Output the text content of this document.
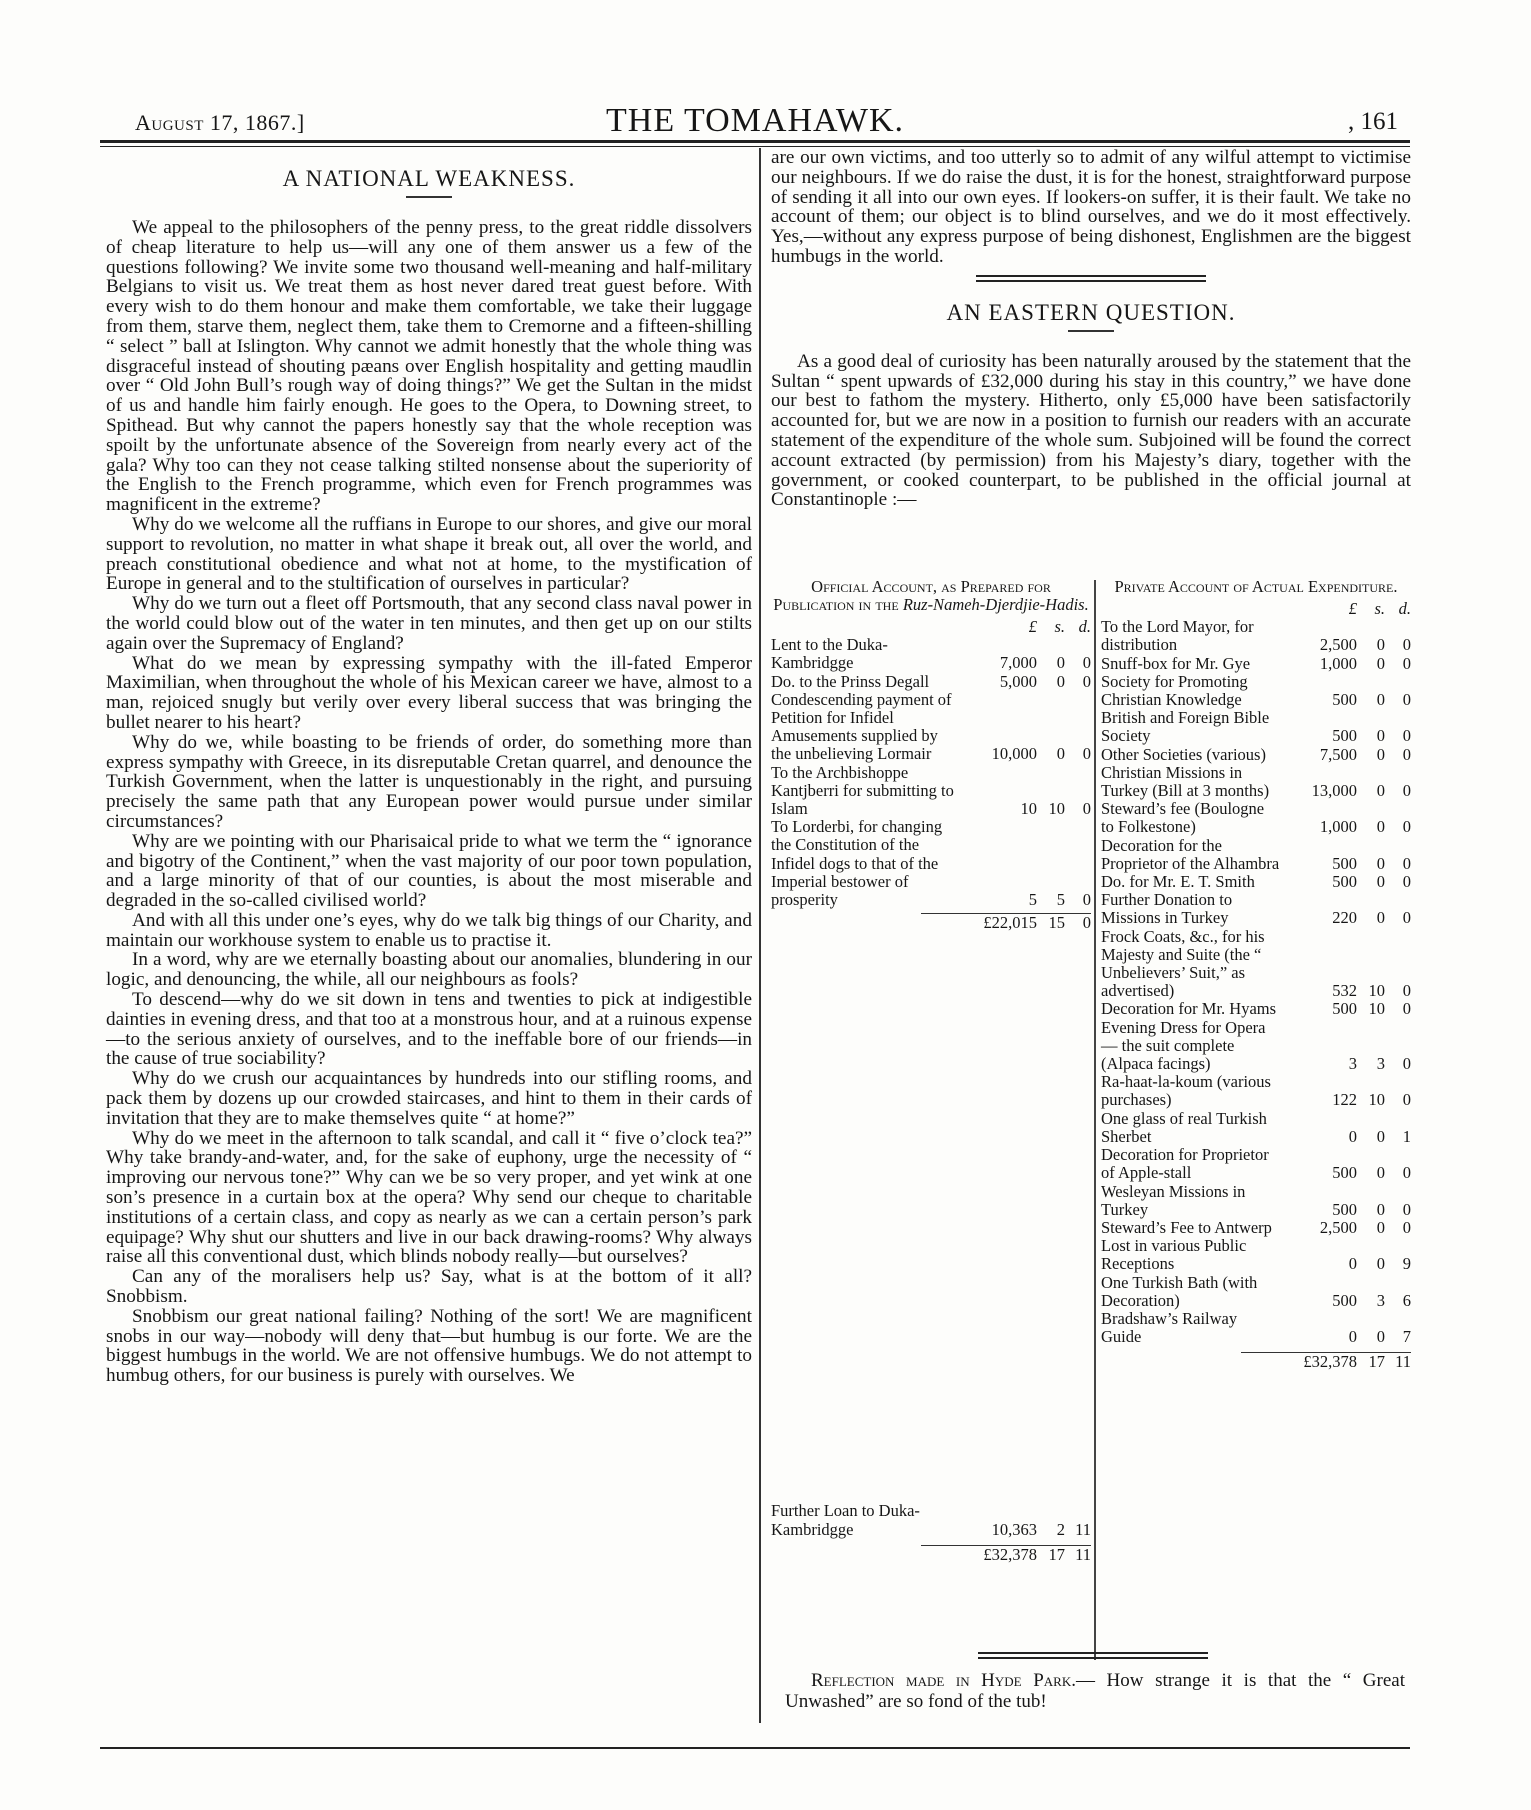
August 17, 1867.]	THE TOMAHAWK.	, 161
A NATIONAL WEAKNESS.

We appeal to the philosophers of the penny press, to the great riddle dissolvers of cheap literature to help us—will any one of them answer us a few of the questions following? We invite some two thousand well-meaning and half-military Belgians to visit us. We treat them as host never dared treat guest before. With every wish to do them honour and make them comfortable, we take their luggage from them, starve them, neglect them, take them to Cremorne and a fifteen-shilling “ select ” ball at Islington. Why cannot we admit honestly that the whole thing was disgraceful instead of shouting pæans over English hospitality and getting maudlin over “ Old John Bull’s rough way of doing things?” We get the Sultan in the midst of us and handle him fairly enough. He goes to the Opera, to Downing street, to Spithead. But why cannot the papers honestly say that the whole reception was spoilt by the unfortunate absence of the Sovereign from nearly every act of the gala? Why too can they not cease talking stilted nonsense about the superiority of the English to the French programme, which even for French programmes was magnificent in the extreme?

Why do we welcome all the ruffians in Europe to our shores, and give our moral support to revolution, no matter in what shape it break out, all over the world, and preach constitutional obedience and what not at home, to the mystification of Europe in general and to the stultification of ourselves in particular?

Why do we turn out a fleet off Portsmouth, that any second class naval power in the world could blow out of the water in ten minutes, and then get up on our stilts again over the Supremacy of England?

What do we mean by expressing sympathy with the ill-fated Emperor Maximilian, when throughout the whole of his Mexican career we have, almost to a man, rejoiced snugly but verily over every liberal success that was bringing the bullet nearer to his heart?

Why do we, while boasting to be friends of order, do something more than express sympathy with Greece, in its disreputable Cretan quarrel, and denounce the Turkish Government, when the latter is unquestionably in the right, and pursuing precisely the same path that any European power would pursue under similar circumstances?

Why are we pointing with our Pharisaical pride to what we term the “ ignorance and bigotry of the Continent,” when the vast majority of our poor town population, and a large minority of that of our counties, is about the most miserable and degraded in the so-called civilised world?

And with all this under one’s eyes, why do we talk big things of our Charity, and maintain our workhouse system to enable us to practise it.

In a word, why are we eternally boasting about our anomalies, blundering in our logic, and denouncing, the while, all our neighbours as fools?

To descend—why do we sit down in tens and twenties to pick at indigestible dainties in evening dress, and that too at a monstrous hour, and at a ruinous expense—to the serious anxiety of ourselves, and to the ineffable bore of our friends—in the cause of true sociability?

Why do we crush our acquaintances by hundreds into our stifling rooms, and pack them by dozens up our crowded staircases, and hint to them in their cards of invitation that they are to make themselves quite “ at home?”

Why do we meet in the afternoon to talk scandal, and call it “ five o’clock tea?” Why take brandy-and-water, and, for the sake of euphony, urge the necessity of “ improving our nervous tone?” Why can we be so very proper, and yet wink at one son’s presence in a curtain box at the opera? Why send our cheque to charitable institutions of a certain class, and copy as nearly as we can a certain person’s park equipage? Why shut our shutters and live in our back drawing-rooms? Why always raise all this conventional dust, which blinds nobody really—but ourselves?

Can any of the moralisers help us? Say, what is at the bottom of it all? Snobbism.

Snobbism our great national failing? Nothing of the sort! We are magnificent snobs in our way—nobody will deny that—but humbug is our forte. We are the biggest humbugs in the world. We are not offensive humbugs. We do not attempt to humbug others, for our business is purely with ourselves. We

are our own victims, and too utterly so to admit of any wilful attempt to victimise our neighbours. If we do raise the dust, it is for the honest, straightforward purpose of sending it all into our own eyes. If lookers-on suffer, it is their fault. We take no account of them; our object is to blind ourselves, and we do it most effectively. Yes,—without any express purpose of being dishonest, Englishmen are the biggest humbugs in the world.

AN EASTERN QUESTION.

As a good deal of curiosity has been naturally aroused by the statement that the Sultan “ spent upwards of £32,000 during his stay in this country,” we have done our best to fathom the mystery. Hitherto, only £5,000 have been satisfactorily accounted for, but we are now in a position to furnish our readers with an accurate statement of the expenditure of the whole sum. Subjoined will be found the correct account extracted (by permission) from his Majesty’s diary, together with the government, or cooked counterpart, to be published in the official journal at Constantinople :—

Official Account, as Prepared for Publication in the Ruz-Nameh-Djerdjie-Hadis.
£	s. d.
Lent to the Duka-Kambridgge	7,000	0	0
Do. to the Prinss Degall	5,000	0	0
Condescending payment of Petition for Infidel Amusements supplied by the unbelieving Lormair	10,000	0	0
To the Archbishoppe Kantjberri for submitting to Islam	10 10	0
To Lorderbi, for changing the Constitution of the Infidel dogs to that of the Imperial bestower of prosperity	5	5	0
£22,015 15	0
Further Loan to Duka-Kambridgge	10,363	2 11
£32,378 17 11
Private Account of Actual Expenditure.
£	s. d.
To the Lord Mayor, for distribution	2,500	0	0
Snuff-box for Mr. Gye	1,000	0	0
Society for Promoting Christian Knowledge	500	0	0
British and Foreign Bible Society	500	0	0
Other Societies (various)	7,500	0	0
Christian Missions in Turkey (Bill at 3 months)	13,000	0	0
Steward’s fee (Boulogne to Folkestone)	1,000	0	0
Decoration for the Proprietor of the Alhambra	500	0	0
Do. for Mr. E. T. Smith	500	0	0
Further Donation to Missions in Turkey	220	0	0
Frock Coats, &c., for his Majesty and Suite (the “ Unbelievers’ Suit,” as advertised)	532 10	0
Decoration for Mr. Hyams	500 10	0
Evening Dress for Opera — the suit complete (Alpaca facings)	3	3	0
Ra-haat-la-koum (various purchases)	122 10	0
One glass of real Turkish Sherbet	0	0	1
Decoration for Proprietor of Apple-stall	500	0	0
Wesleyan Missions in Turkey	500	0	0
Steward’s Fee to Antwerp	2,500	0	0
Lost in various Public Receptions	0	0	9
One Turkish Bath (with Decoration)	500	3	6
Bradshaw’s Railway Guide	0	0	7
£32,378 17 11
Reflection made in Hyde Park.— How strange it is that the “ Great Unwashed” are so fond of the tub!
